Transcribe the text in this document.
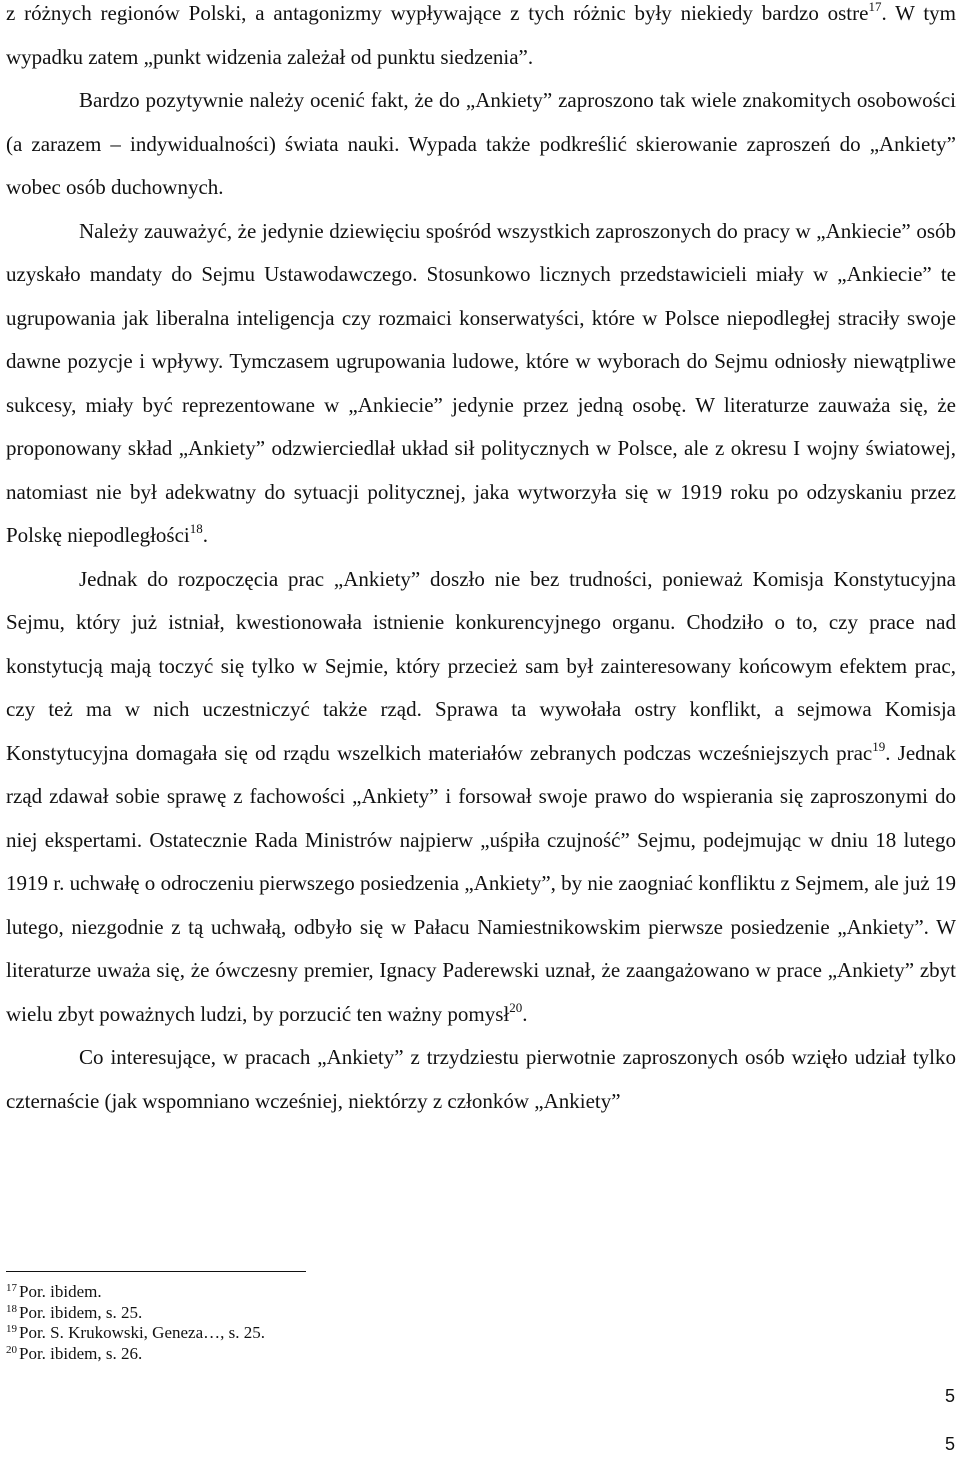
z różnych regionów Polski, a antagonizmy wypływające z tych różnic były niekiedy bardzo ostre$^{17}$. W tym wypadku zatem „punkt widzenia zależał od punktu siedzenia”.

Bardzo pozytywnie należy ocenić fakt, że do „Ankiety” zaproszono tak wiele znakomitych osobowości (a zarazem – indywidualności) świata nauki. Wypada także podkreślić skierowanie zaproszeń do „Ankiety” wobec osób duchownych.

Należy zauważyć, że jedynie dziewięciu spośród wszystkich zaproszonych do pracy w „Ankiecie” osób uzyskało mandaty do Sejmu Ustawodawczego. Stosunkowo licznych przedstawicieli miały w „Ankiecie” te ugrupowania jak liberalna inteligencja czy rozmaici konserwatyści, które w Polsce niepodległej straciły swoje dawne pozycje i wpływy. Tymczasem ugrupowania ludowe, które w wyborach do Sejmu odniosły niewątpliwe sukcesy, miały być reprezentowane w „Ankiecie” jedynie przez jedną osobę. W literaturze zauważa się, że proponowany skład „Ankiety” odzwierciedlał układ sił politycznych w Polsce, ale z okresu I wojny światowej, natomiast nie był adekwatny do sytuacji politycznej, jaka wytworzyła się w 1919 roku po odzyskaniu przez Polskę niepodległości$^{18}$.

Jednak do rozpoczęcia prac „Ankiety” doszło nie bez trudności, ponieważ Komisja Konstytucyjna Sejmu, który już istniał, kwestionowała istnienie konkurencyjnego organu. Chodziło o to, czy prace nad konstytucją mają toczyć się tylko w Sejmie, który przecież sam był zainteresowany końcowym efektem prac, czy też ma w nich uczestniczyć także rząd. Sprawa ta wywołała ostry konflikt, a sejmowa Komisja Konstytucyjna domagała się od rządu wszelkich materiałów zebranych podczas wcześniejszych prac$^{19}$. Jednak rząd zdawał sobie sprawę z fachowości „Ankiety” i forsował swoje prawo do wspierania się zaproszonymi do niej ekspertami. Ostatecznie Rada Ministrów najpierw „uśpiła czujność” Sejmu, podejmując w dniu 18 lutego 1919 r. uchwałę o odroczeniu pierwszego posiedzenia „Ankiety”, by nie zaogniać konfliktu z Sejmem, ale już 19 lutego, niezgodnie z tą uchwałą, odbyło się w Pałacu Namiestnikowskim pierwsze posiedzenie „Ankiety”. W literaturze uważa się, że ówczesny premier, Ignacy Paderewski uznał, że zaangażowano w prace „Ankiety” zbyt wielu zbyt poważnych ludzi, by porzucić ten ważny pomysł$^{20}$.

Co interesujące, w pracach „Ankiety” z trzydziestu pierwotnie zaproszonych osób wzięło udział tylko czternaście (jak wspomniano wcześniej, niektórzy z członków „Ankiety”

$^{17}$ Por. ibidem.

$^{18}$ Por. ibidem, s. 25.

$^{19}$ Por. S. Krukowski, Geneza…, s. 25.

$^{20}$ Por. ibidem, s. 26.

5
5
